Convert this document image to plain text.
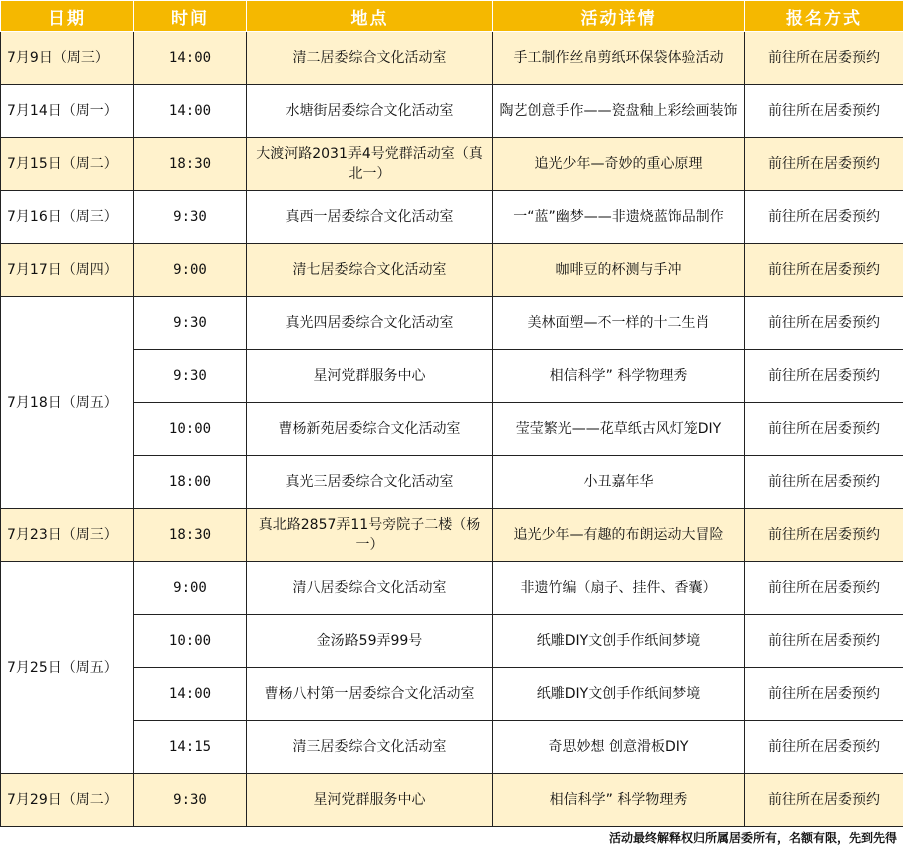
日期	时间	地点	活动详情	报名方式
7月9日（周三）	14:00	清二居委综合文化活动室	手工制作丝帛剪纸环保袋体验活动	前往所在居委预约
7月14日（周一）	14:00	水塘街居委综合文化活动室	陶艺创意手作——瓷盘釉上彩绘画装饰	前往所在居委预约
7月15日（周二）	18:30	大渡河路2031弄4号党群活动室（真北一）	追光少年—奇妙的重心原理	前往所在居委预约
7月16日（周三）	9:30	真西一居委综合文化活动室	一“蓝”幽梦——非遗烧蓝饰品制作	前往所在居委预约
7月17日（周四）	9:00	清七居委综合文化活动室	咖啡豆的杯测与手冲	前往所在居委预约
7月18日（周五）	9:30	真光四居委综合文化活动室	美林面塑—不一样的十二生肖	前往所在居委预约
	9:30	星河党群服务中心	相信科学” 科学物理秀	前往所在居委预约
	10:00	曹杨新苑居委综合文化活动室	莹莹繁光——花草纸古风灯笼DIY	前往所在居委预约
	18:00	真光三居委综合文化活动室	小丑嘉年华	前往所在居委预约
7月23日（周三）	18:30	真北路2857弄11号旁院子二楼（杨一）	追光少年—有趣的布朗运动大冒险	前往所在居委预约
7月25日（周五）	9:00	清八居委综合文化活动室	非遗竹编（扇子、挂件、香囊）	前往所在居委预约
	10:00	金汤路59弄99号	纸雕DIY文创手作纸间梦境	前往所在居委预约
	14:00	曹杨八村第一居委综合文化活动室	纸雕DIY文创手作纸间梦境	前往所在居委预约
	14:15	清三居委综合文化活动室	奇思妙想 创意滑板DIY	前往所在居委预约
7月29日（周二）	9:30	星河党群服务中心	相信科学” 科学物理秀	前往所在居委预约
活动最终解释权归所属居委所有，名额有限，先到先得
